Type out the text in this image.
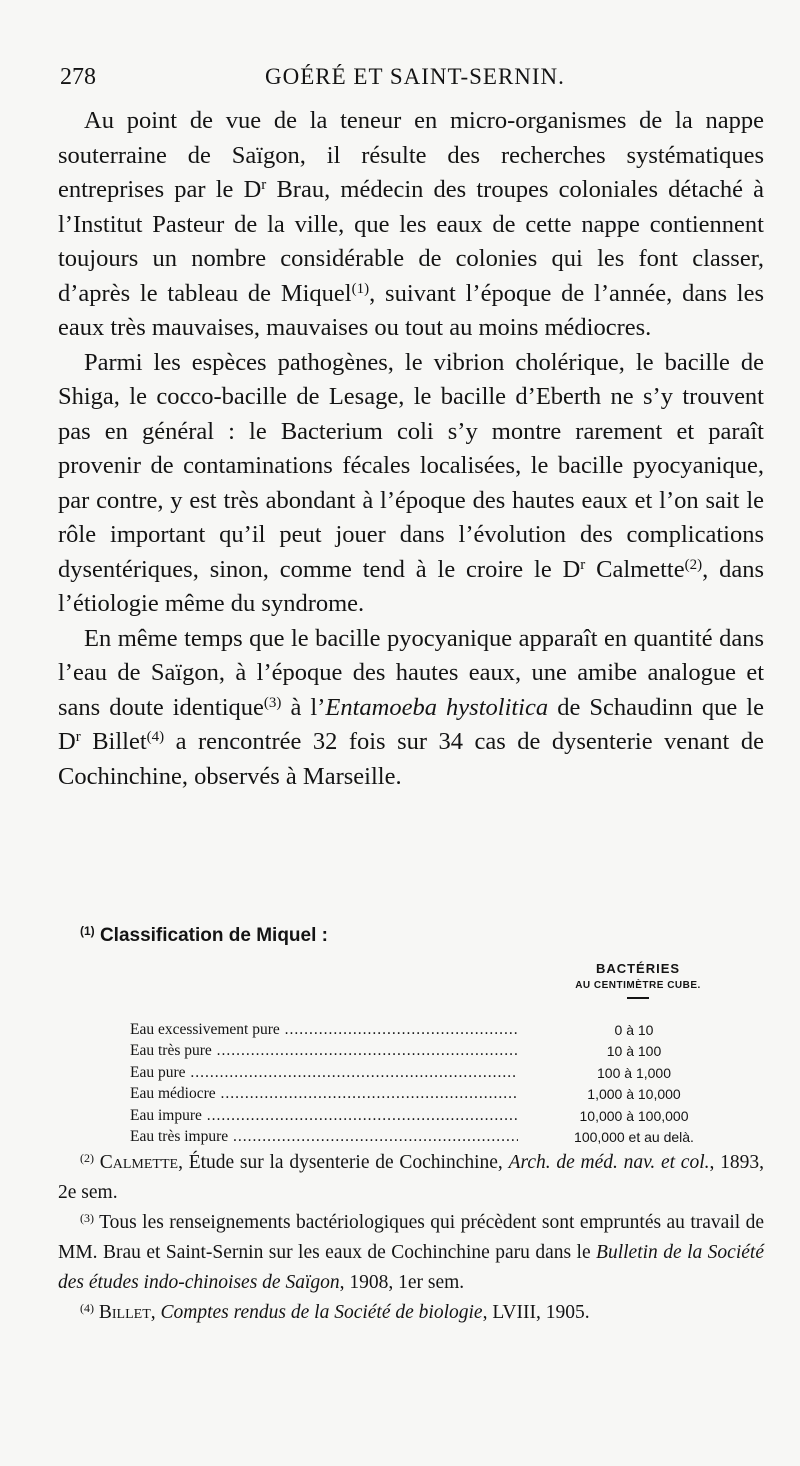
278	GOÉRÉ ET SAINT-SERNIN.

Au point de vue de la teneur en micro-organismes de la nappe souterraine de Saïgon, il résulte des recherches systématiques entreprises par le $D^r$ Brau, médecin des troupes coloniales détaché à l’Institut Pasteur de la ville, que les eaux de cette nappe contiennent toujours un nombre considérable de colonies qui les font classer, d’après le tableau de Miquel$^{(1)}$, suivant l’époque de l’année, dans les eaux très mauvaises, mauvaises ou tout au moins médiocres.

Parmi les espèces pathogènes, le vibrion cholérique, le bacille de Shiga, le cocco-bacille de Lesage, le bacille d’Eberth ne s’y trouvent pas en général : le Bacterium coli s’y montre rarement et paraît provenir de contaminations fécales localisées, le bacille pyocyanique, par contre, y est très abondant à l’époque des hautes eaux et l’on sait le rôle important qu’il peut jouer dans l’évolution des complications dysentériques, sinon, comme tend à le croire le $D^r$ Calmette$^{(2)}$, dans l’étiologie même du syndrome.

En même temps que le bacille pyocyanique apparaît en quantité dans l’eau de Saïgon, à l’époque des hautes eaux, une amibe analogue et sans doute identique$^{(3)}$ à l’Entamoeba hystolitica de Schaudinn que le $D^r$ Billet$^{(4)}$ a rencontrée 32 fois sur 34 cas de dysenterie venant de Cochinchine, observés à Marseille.

$^{(1)}$ Classification de Miquel :

BACTÉRIES
AU CENTIMÈTRE CUBE.
Eau excessivement pure .....	0 à 10
Eau très pure .....	10 à 100
Eau pure .....	100 à 1,000
Eau médiocre .....	1,000 à 10,000
Eau impure .....	10,000 à 100,000
Eau très impure .....	100,000 et au delà.

$^{(2)}$ Calmette, Étude sur la dysenterie de Cochinchine, Arch. de méd. nav. et col., 1893, 2e sem.

$^{(3)}$ Tous les renseignements bactériologiques qui précèdent sont empruntés au travail de MM. Brau et Saint-Sernin sur les eaux de Cochinchine paru dans le Bulletin de la Société des études indo-chinoises de Saïgon, 1908, 1er sem.

$^{(4)}$ Billet, Comptes rendus de la Société de biologie, LVIII, 1905.
